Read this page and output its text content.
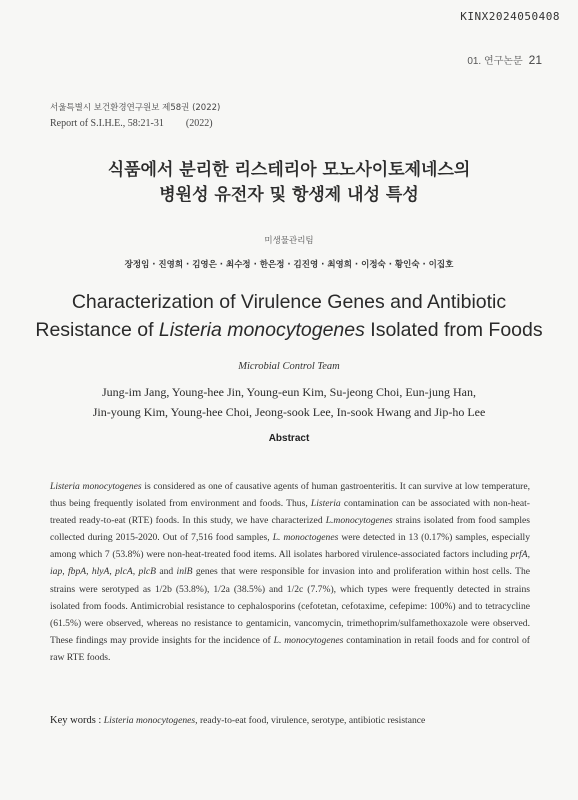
KINX2024050408
01. 연구논문 21
서울특별시 보건환경연구원보 제58권 (2022)
Report of S.I.H.E., 58:21-31 (2022)
식품에서 분리한 리스테리아 모노사이토제네스의
병원성 유전자 및 항생제 내성 특성
미생물관리팀
장정임 · 진영희 · 김영은 · 최수정 · 한은정 · 김진영 · 최영희 · 이정숙 · 황인숙 · 이집호
Characterization of Virulence Genes and Antibiotic
Resistance of Listeria monocytogenes Isolated from Foods
Microbial Control Team
Jung-im Jang, Young-hee Jin, Young-eun Kim, Su-jeong Choi, Eun-jung Han,
Jin-young Kim, Young-hee Choi, Jeong-sook Lee, In-sook Hwang and Jip-ho Lee
Abstract
Listeria monocytogenes is considered as one of causative agents of human gastroenteritis. It can survive at low temperature, thus being frequently isolated from environment and foods. Thus, Listeria contamination can be associated with non-heat-treated ready-to-eat (RTE) foods. In this study, we have characterized L.monocytogenes strains isolated from food samples collected during 2015-2020. Out of 7,516 food samples, L. monoctogenes were detected in 13 (0.17%) samples, especially among which 7 (53.8%) were non-heat-treated food items. All isolates harbored virulence-associated factors including prfA, iap, fbpA, hlyA, plcA, plcB and inlB genes that were responsible for invasion into and proliferation within host cells. The strains were serotyped as 1/2b (53.8%), 1/2a (38.5%) and 1/2c (7.7%), which types were frequently detected in strains isolated from foods. Antimicrobial resistance to cephalosporins (cefotetan, cefotaxime, cefepime: 100%) and to tetracycline (61.5%) were observed, whereas no resistance to gentamicin, vancomycin, trimethoprim/sulfamethoxazole were observed. These findings may provide insights for the incidence of L. monocytogenes contamination in retail foods and for control of raw RTE foods.
Key words : Listeria monocytogenes, ready-to-eat food, virulence, serotype, antibiotic resistance
